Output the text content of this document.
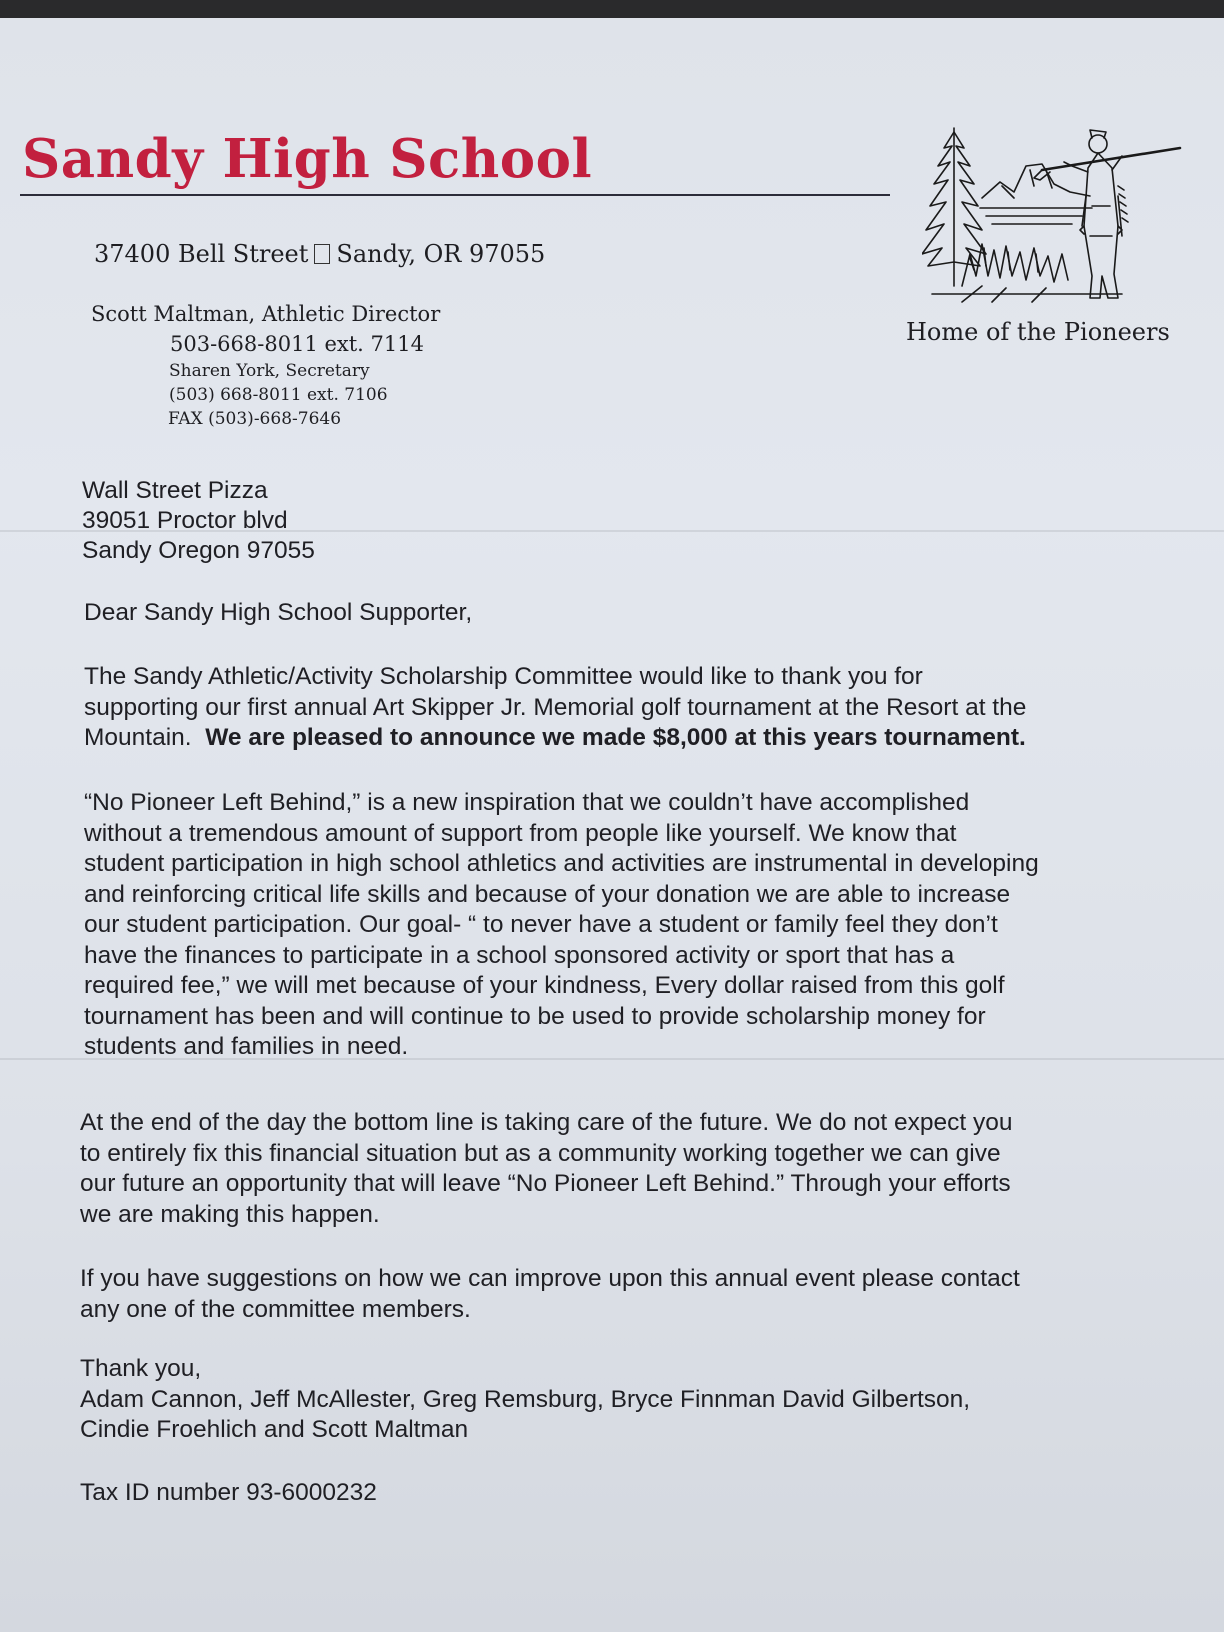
Sandy High School
37400 Bell Street Sandy, OR 97055
Scott Maltman, Athletic Director
503-668-8011 ext. 7114
Sharen York, Secretary
(503) 668-8011 ext. 7106
FAX (503)-668-7646
Home of the Pioneers
Wall Street Pizza
39051 Proctor blvd
Sandy Oregon 97055
Dear Sandy High School Supporter,
The Sandy Athletic/Activity Scholarship Committee would like to thank you for
supporting our first annual Art Skipper Jr. Memorial golf tournament at the Resort at the
Mountain. We are pleased to announce we made $8,000 at this years tournament.
“No Pioneer Left Behind,” is a new inspiration that we couldn’t have accomplished
without a tremendous amount of support from people like yourself. We know that
student participation in high school athletics and activities are instrumental in developing
and reinforcing critical life skills and because of your donation we are able to increase
our student participation. Our goal- “ to never have a student or family feel they don’t
have the finances to participate in a school sponsored activity or sport that has a
required fee,” we will met because of your kindness, Every dollar raised from this golf
tournament has been and will continue to be used to provide scholarship money for
students and families in need.
At the end of the day the bottom line is taking care of the future. We do not expect you
to entirely fix this financial situation but as a community working together we can give
our future an opportunity that will leave “No Pioneer Left Behind.” Through your efforts
we are making this happen.
If you have suggestions on how we can improve upon this annual event please contact
any one of the committee members.
Thank you,
Adam Cannon, Jeff McAllester, Greg Remsburg, Bryce Finnman David Gilbertson,
Cindie Froehlich and Scott Maltman
Tax ID number 93-6000232
